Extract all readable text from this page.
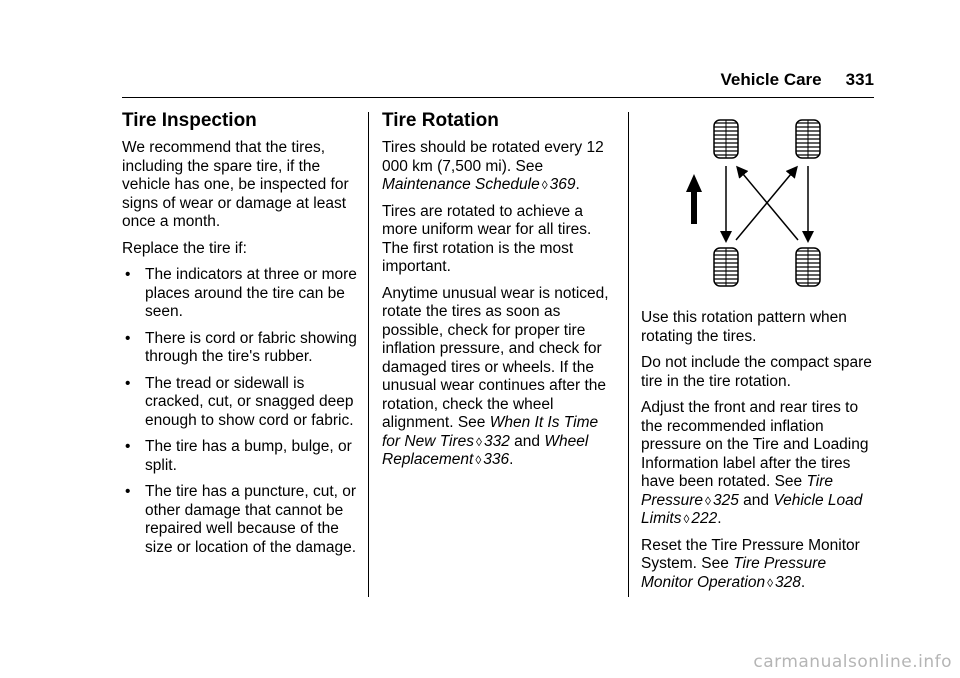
Vehicle Care 331
Tire Inspection

We recommend that the tires, including the spare tire, if the vehicle has one, be inspected for signs of wear or damage at least once a month.

Replace the tire if:

• The indicators at three or more places around the tire can be seen.
• There is cord or fabric showing through the tire's rubber.
• The tread or sidewall is cracked, cut, or snagged deep enough to show cord or fabric.
• The tire has a bump, bulge, or split.
• The tire has a puncture, cut, or other damage that cannot be repaired well because of the size or location of the damage.
Tire Rotation

Tires should be rotated every 12 000 km (7,500 mi). See Maintenance Schedule ◊ 369.

Tires are rotated to achieve a more uniform wear for all tires. The first rotation is the most important.

Anytime unusual wear is noticed, rotate the tires as soon as possible, check for proper tire inflation pressure, and check for damaged tires or wheels. If the unusual wear continues after the rotation, check the wheel alignment. See When It Is Time for New Tires ◊ 332 and Wheel Replacement ◊ 336.

Use this rotation pattern when rotating the tires.

Do not include the compact spare tire in the tire rotation.

Adjust the front and rear tires to the recommended inflation pressure on the Tire and Loading Information label after the tires have been rotated. See Tire Pressure ◊ 325 and Vehicle Load Limits ◊ 222.

Reset the Tire Pressure Monitor System. See Tire Pressure Monitor Operation ◊ 328.

carmanualsonline.info
